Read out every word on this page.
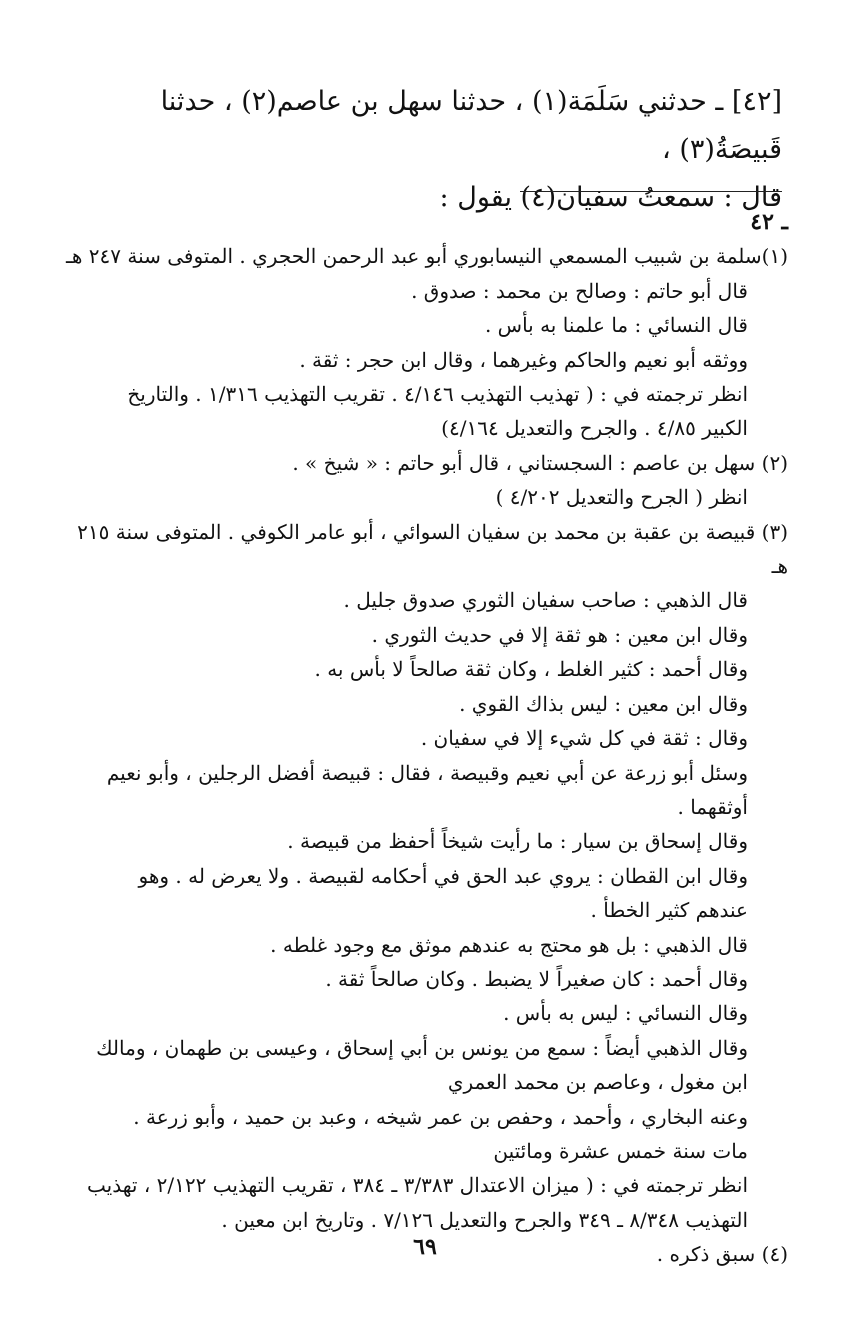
[٤٢] ـ حدثني سَلَمَة(١) ، حدثنا سهل بن عاصم(٢) ، حدثنا قَبيصَةُ(٣) ،

قال : سمعتُ سفيان(٤) يقول :

ـ ٤٢

(١)سلمة بن شبيب المسمعي النيسابوري أبو عبد الرحمن الحجري . المتوفى سنة ٢٤٧ هـ

قال أبو حاتم : وصالح بن محمد : صدوق .

قال النسائي : ما علمنا به بأس .

ووثقه أبو نعيم والحاكم وغيرهما ، وقال ابن حجر : ثقة .

انظر ترجمته في : ( تهذيب التهذيب ٤/١٤٦ . تقريب التهذيب ١/٣١٦ . والتاريخ

الكبير ٤/٨٥ . والجرح والتعديل ٤/١٦٤)

(٢) سهل بن عاصم : السجستاني ، قال أبو حاتم : « شيخ » .

انظر ( الجرح والتعديل ٤/٢٠٢ )

(٣) قبيصة بن عقبة بن محمد بن سفيان السوائي ، أبو عامر الكوفي . المتوفى سنة ٢١٥ هـ

قال الذهبي : صاحب سفيان الثوري صدوق جليل .

وقال ابن معين : هو ثقة إلا في حديث الثوري .

وقال أحمد : كثير الغلط ، وكان ثقة صالحاً لا بأس به .

وقال ابن معين : ليس بذاك القوي .

وقال : ثقة في كل شيء إلا في سفيان .

وسئل أبو زرعة عن أبي نعيم وقبيصة ، فقال : قبيصة أفضل الرجلين ، وأبو نعيم

أوثقهما .

وقال إسحاق بن سيار : ما رأيت شيخاً أحفظ من قبيصة .

وقال ابن القطان : يروي عبد الحق في أحكامه لقبيصة . ولا يعرض له . وهو

عندهم كثير الخطأ .

قال الذهبي : بل هو محتج به عندهم موثق مع وجود غلطه .

وقال أحمد : كان صغيراً لا يضبط . وكان صالحاً ثقة .

وقال النسائي : ليس به بأس .

وقال الذهبي أيضاً : سمع من يونس بن أبي إسحاق ، وعيسى بن طهمان ، ومالك

ابن مغول ، وعاصم بن محمد العمري

وعنه البخاري ، وأحمد ، وحفص بن عمر شيخه ، وعبد بن حميد ، وأبو زرعة .

مات سنة خمس عشرة ومائتين

انظر ترجمته في : ( ميزان الاعتدال ٣/٣٨٣ ـ ٣٨٤ ، تقريب التهذيب ٢/١٢٢ ، تهذيب

التهذيب ٨/٣٤٨ ـ ٣٤٩ والجرح والتعديل ٧/١٢٦ . وتاريخ ابن معين .

(٤) سبق ذكره .

٦٩
